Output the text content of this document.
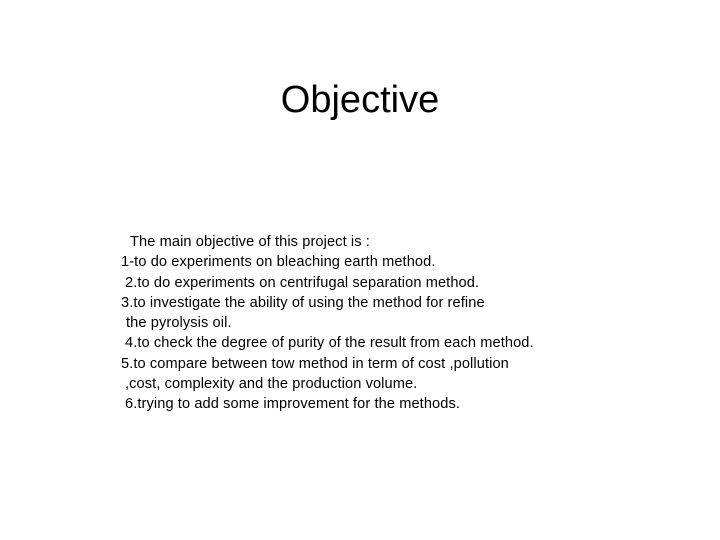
Objective
The main objective of this project is :
1-to do experiments on bleaching earth method.
2.to do experiments on centrifugal separation method.
3.to investigate the ability of using the method for refine
the pyrolysis oil.
4.to check the degree of purity of the result from each method.
5.to compare between tow method in term of cost ,pollution
,cost, complexity and the production volume.
6.trying to add some improvement for the methods.
